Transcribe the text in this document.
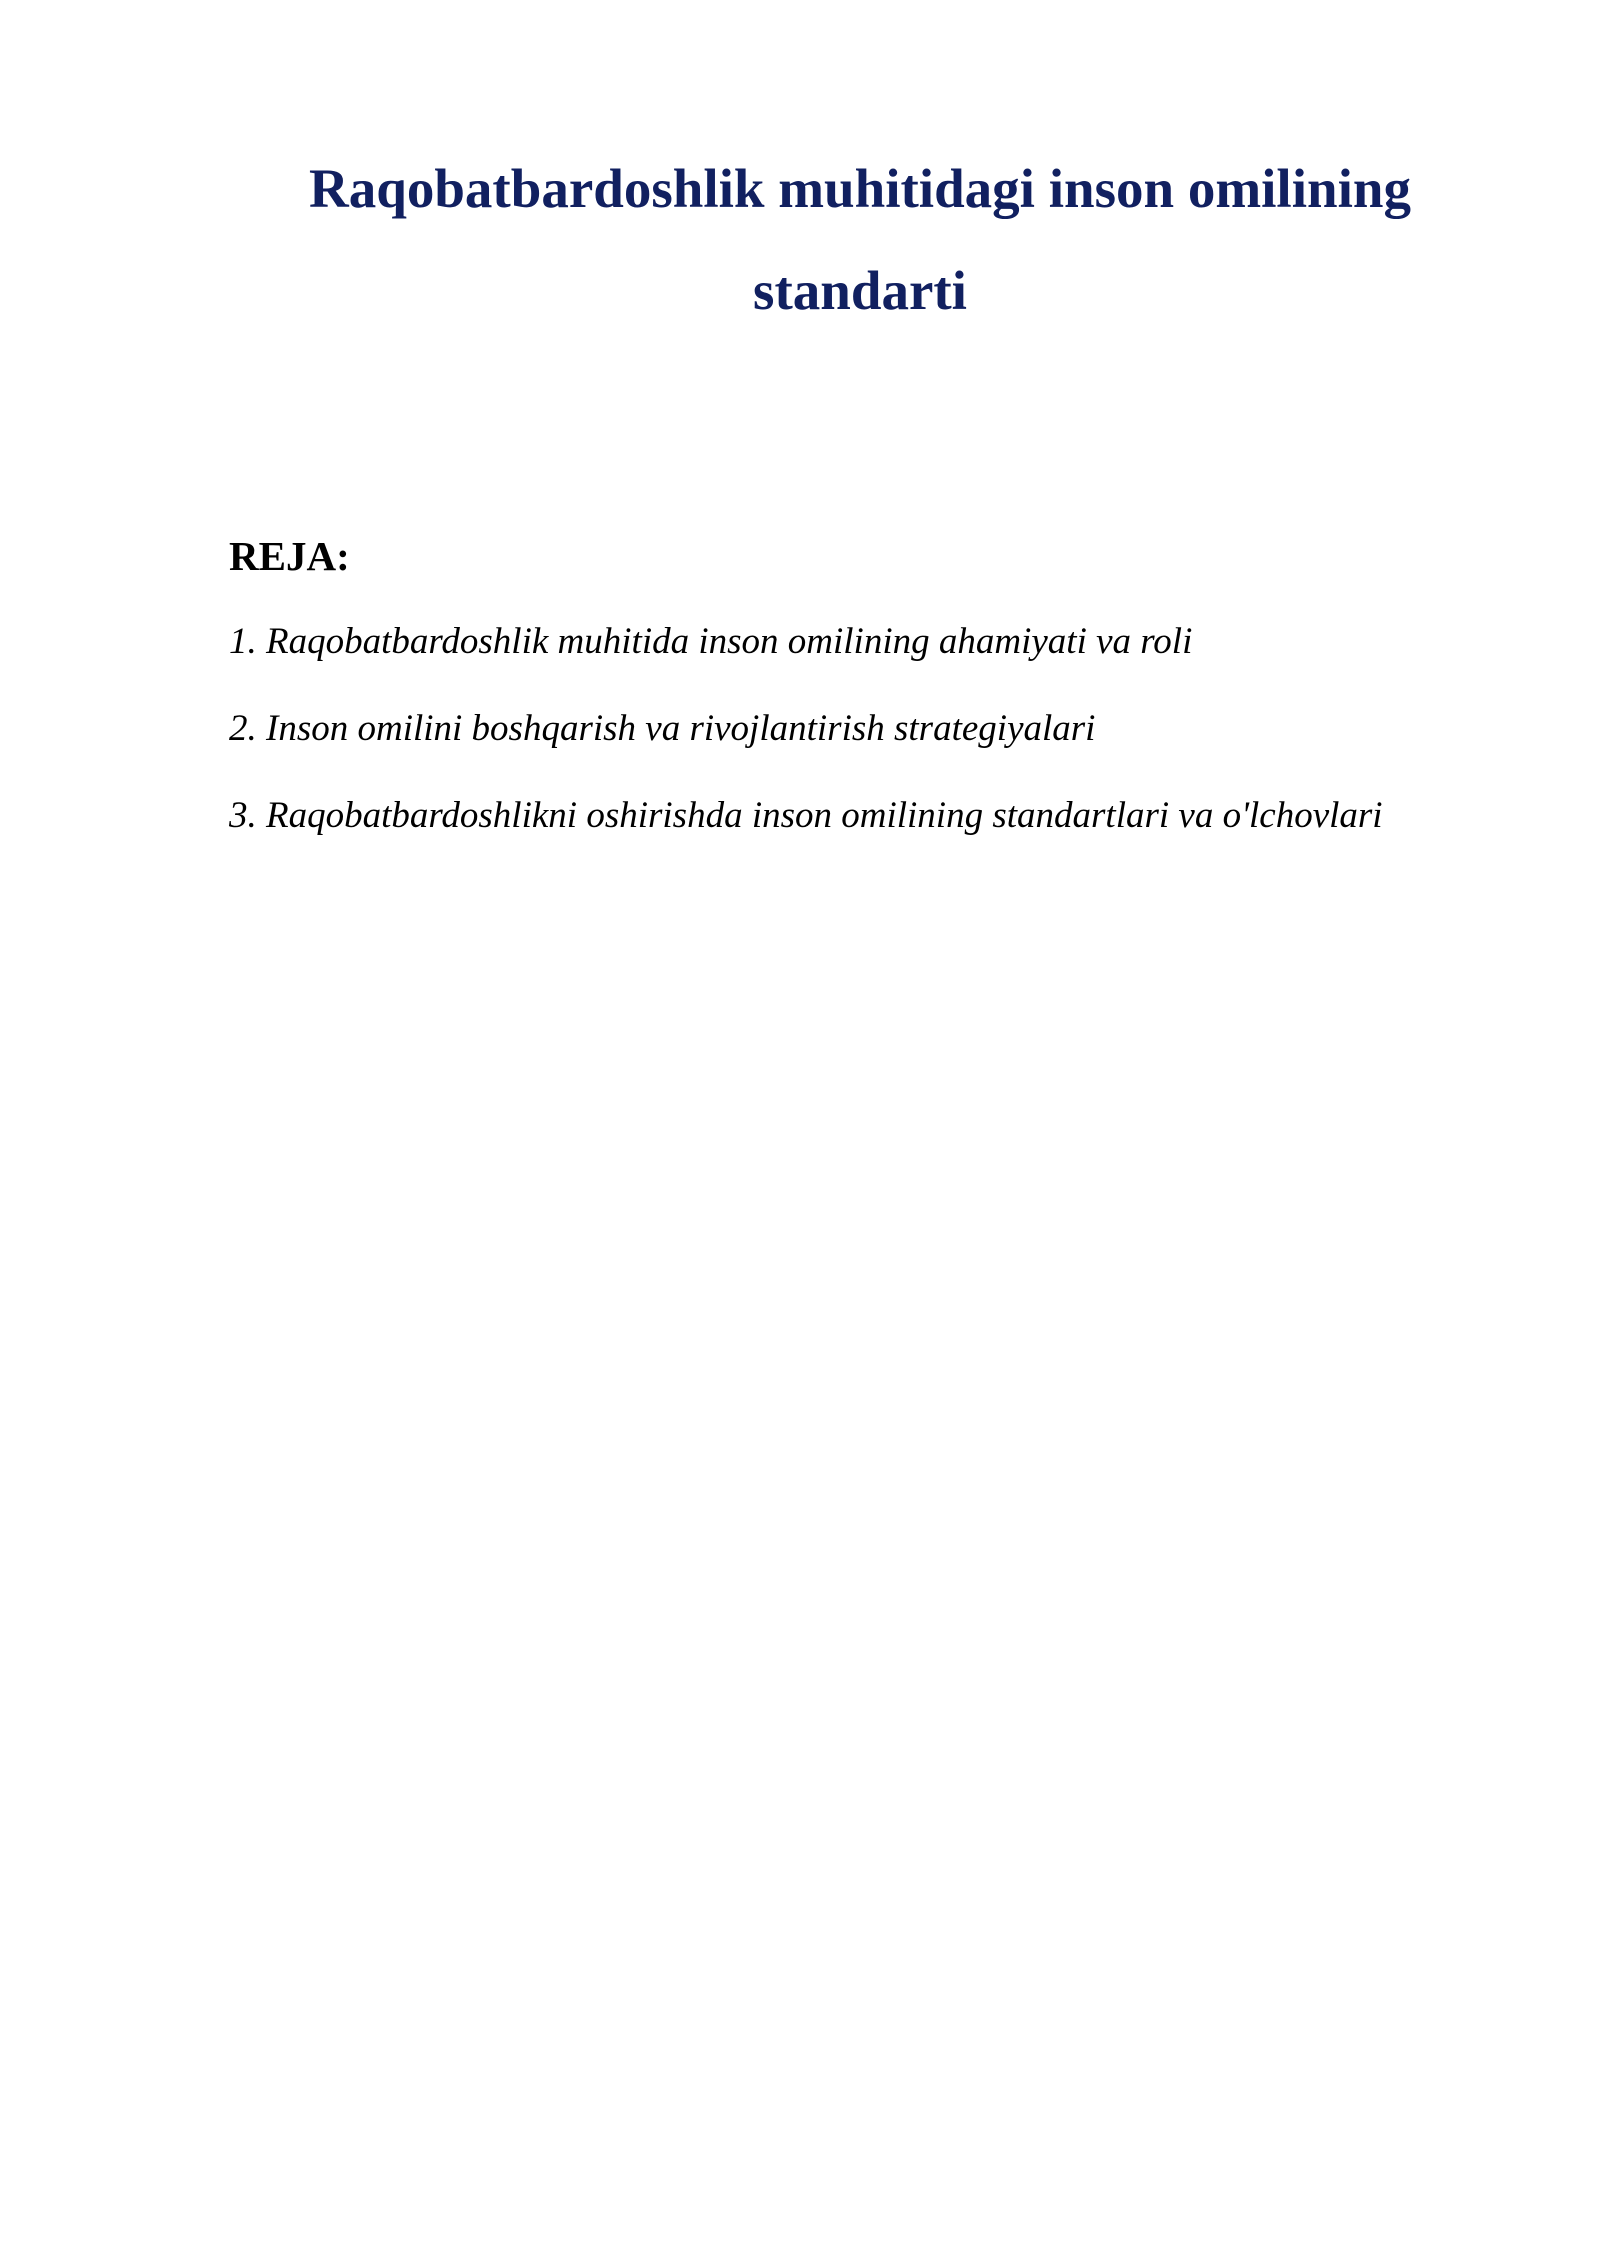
Raqobatbardoshlik muhitidagi inson omilining standarti
REJA:
1. Raqobatbardoshlik muhitida inson omilining ahamiyati va roli
2. Inson omilini boshqarish va rivojlantirish strategiyalari
3. Raqobatbardoshlikni oshirishda inson omilining standartlari va o'lchovlari
